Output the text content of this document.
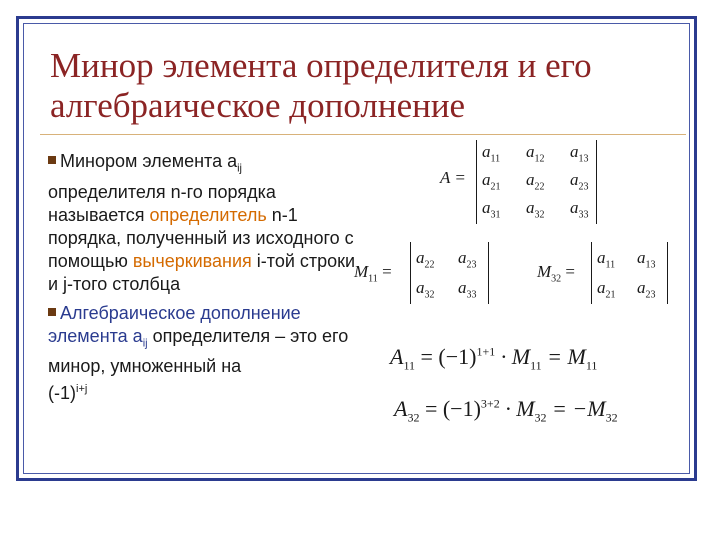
Минор элемента определителя и его
алгебраическое дополнение

Минором элемента $a_{ij}$ определителя n-го порядка называется определитель n-1 порядка, полученный из исходного с помощью вычеркивания i-той строки и j-того столбца

Алгебраическое дополнение элемента $a_{ij}$ определителя – это его минор, умноженный на
$(-1)^{i+j}$

A =
$a_{11}$ $a_{12}$ $a_{13}$
$a_{21}$ $a_{22}$ $a_{23}$
$a_{31}$ $a_{32}$ $a_{33}$
$M_{11}$ =
$a_{22}$ $a_{23}$
$a_{32}$ $a_{33}$
$M_{32}$ =
$a_{11}$ $a_{13}$
$a_{21}$ $a_{23}$
$A_{11} = (-1)^{1+1} \cdot M_{11} = M_{11}$
$A_{32} = (-1)^{3+2} \cdot M_{32} = -M_{32}$
